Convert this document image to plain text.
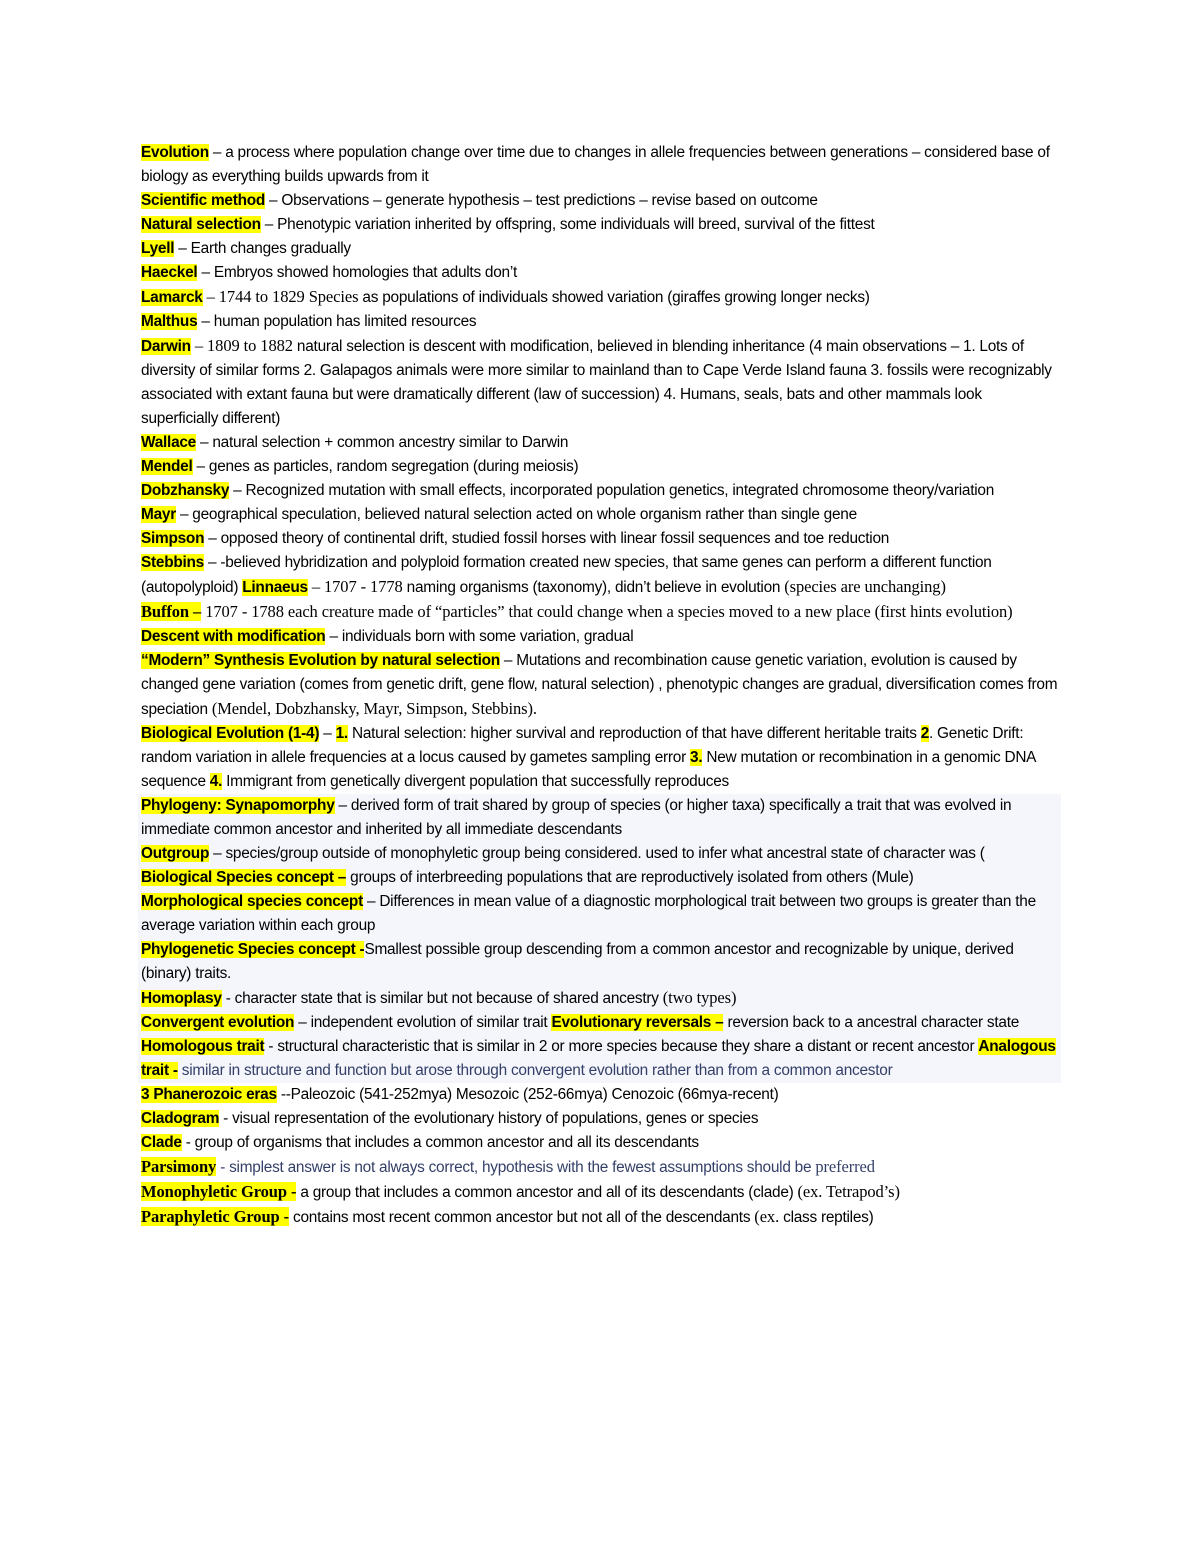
Evolution – a process where population change over time due to changes in allele frequencies between generations – considered base of biology as everything builds upwards from it

Scientific method – Observations – generate hypothesis – test predictions – revise based on outcome

Natural selection – Phenotypic variation inherited by offspring, some individuals will breed, survival of the fittest

Lyell – Earth changes gradually

Haeckel – Embryos showed homologies that adults don’t

Lamarck – 1744 to 1829 Species as populations of individuals showed variation (giraffes growing longer necks)

Malthus – human population has limited resources

Darwin – 1809 to 1882 natural selection is descent with modification, believed in blending inheritance (4 main observations – 1. Lots of diversity of similar forms 2. Galapagos animals were more similar to mainland than to Cape Verde Island fauna 3. fossils were recognizably associated with extant fauna but were dramatically different (law of succession) 4. Humans, seals, bats and other mammals look superficially different)

Wallace – natural selection + common ancestry similar to Darwin

Mendel – genes as particles, random segregation (during meiosis)

Dobzhansky – Recognized mutation with small effects, incorporated population genetics, integrated chromosome theory/variation

Mayr – geographical speculation, believed natural selection acted on whole organism rather than single gene

Simpson – opposed theory of continental drift, studied fossil horses with linear fossil sequences and toe reduction

Stebbins – -believed hybridization and polyploid formation created new species, that same genes can perform a different function

(autopolyploid) Linnaeus – 1707 - 1778 naming organisms (taxonomy), didn’t believe in evolution (species are unchanging)

Buffon – 1707 - 1788 each creature made of “particles” that could change when a species moved to a new place (first hints evolution)

Descent with modification – individuals born with some variation, gradual

“Modern” Synthesis Evolution by natural selection – Mutations and recombination cause genetic variation, evolution is caused by changed gene variation (comes from genetic drift, gene flow, natural selection) , phenotypic changes are gradual, diversification comes from speciation (Mendel, Dobzhansky, Mayr, Simpson, Stebbins).

Biological Evolution (1-4) – 1. Natural selection: higher survival and reproduction of that have different heritable traits 2. Genetic Drift: random variation in allele frequencies at a locus caused by gametes sampling error 3. New mutation or recombination in a genomic DNA sequence 4. Immigrant from genetically divergent population that successfully reproduces

Phylogeny: Synapomorphy – derived form of trait shared by group of species (or higher taxa) specifically a trait that was evolved in immediate common ancestor and inherited by all immediate descendants

Outgroup – species/group outside of monophyletic group being considered. used to infer what ancestral state of character was (

Biological Species concept – groups of interbreeding populations that are reproductively isolated from others (Mule)

Morphological species concept – Differences in mean value of a diagnostic morphological trait between two groups is greater than the average variation within each group

Phylogenetic Species concept -Smallest possible group descending from a common ancestor and recognizable by unique, derived (binary) traits.

Homoplasy - character state that is similar but not because of shared ancestry (two types)

Convergent evolution – independent evolution of similar trait Evolutionary reversals – reversion back to a ancestral character state Homologous trait - structural characteristic that is similar in 2 or more species because they share a distant or recent ancestor Analogous trait - similar in structure and function but arose through convergent evolution rather than from a common ancestor

3 Phanerozoic eras --Paleozoic (541-252mya) Mesozoic (252-66mya) Cenozoic (66mya-recent)

Cladogram - visual representation of the evolutionary history of populations, genes or species

Clade - group of organisms that includes a common ancestor and all its descendants

Parsimony - simplest answer is not always correct, hypothesis with the fewest assumptions should be preferred

Monophyletic Group - a group that includes a common ancestor and all of its descendants (clade) (ex. Tetrapod’s)

Paraphyletic Group - contains most recent common ancestor but not all of the descendants (ex. class reptiles)
